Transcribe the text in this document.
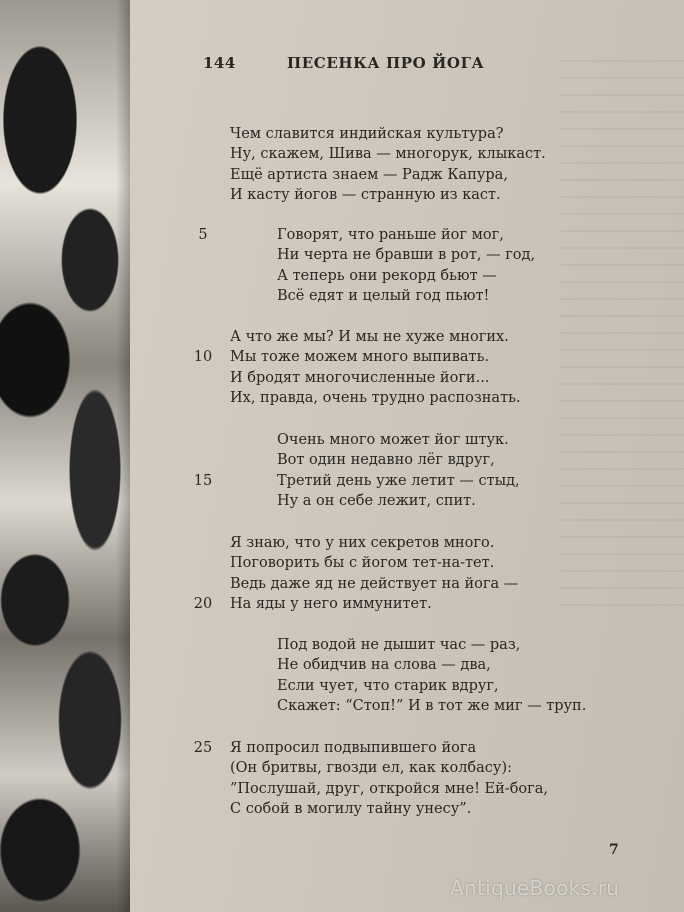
144	ПЕСЕНКА ПРО ЙОГА
Чем славится индийская культура?
Ну, скажем, Шива — многорук, клыкаст.
Ещё артиста знаем — Радж Капура,
И касту йогов — странную из каст.
5	Говорят, что раньше йог мог,
Ни черта не бравши в рот, — год,
А теперь они рекорд бьют —
Всё едят и целый год пьют!
А что же мы? И мы не хуже многих.
10 Мы тоже можем много выпивать.
И бродят многочисленные йоги...
Их, правда, очень трудно распознать.
Очень много может йог штук.
Вот один недавно лёг вдруг,
15	Третий день уже летит — стыд,
Ну а он себе лежит, спит.
Я знаю, что у них секретов много.
Поговорить бы с йогом тет-на-тет.
Ведь даже яд не действует на йога —
20 На яды у него иммунитет.
Под водой не дышит час — раз,
Не обидчив на слова — два,
Если чует, что старик вдруг,
Скажет: “Стоп!” И в тот же миг — труп.
25 Я попросил подвыпившего йога
(Он бритвы, гвозди ел, как колбасу):
”Послушай, друг, откройся мне! Ей-богa,
С собой в могилу тайну унесу”.
7
AntiqueBooks.ru
